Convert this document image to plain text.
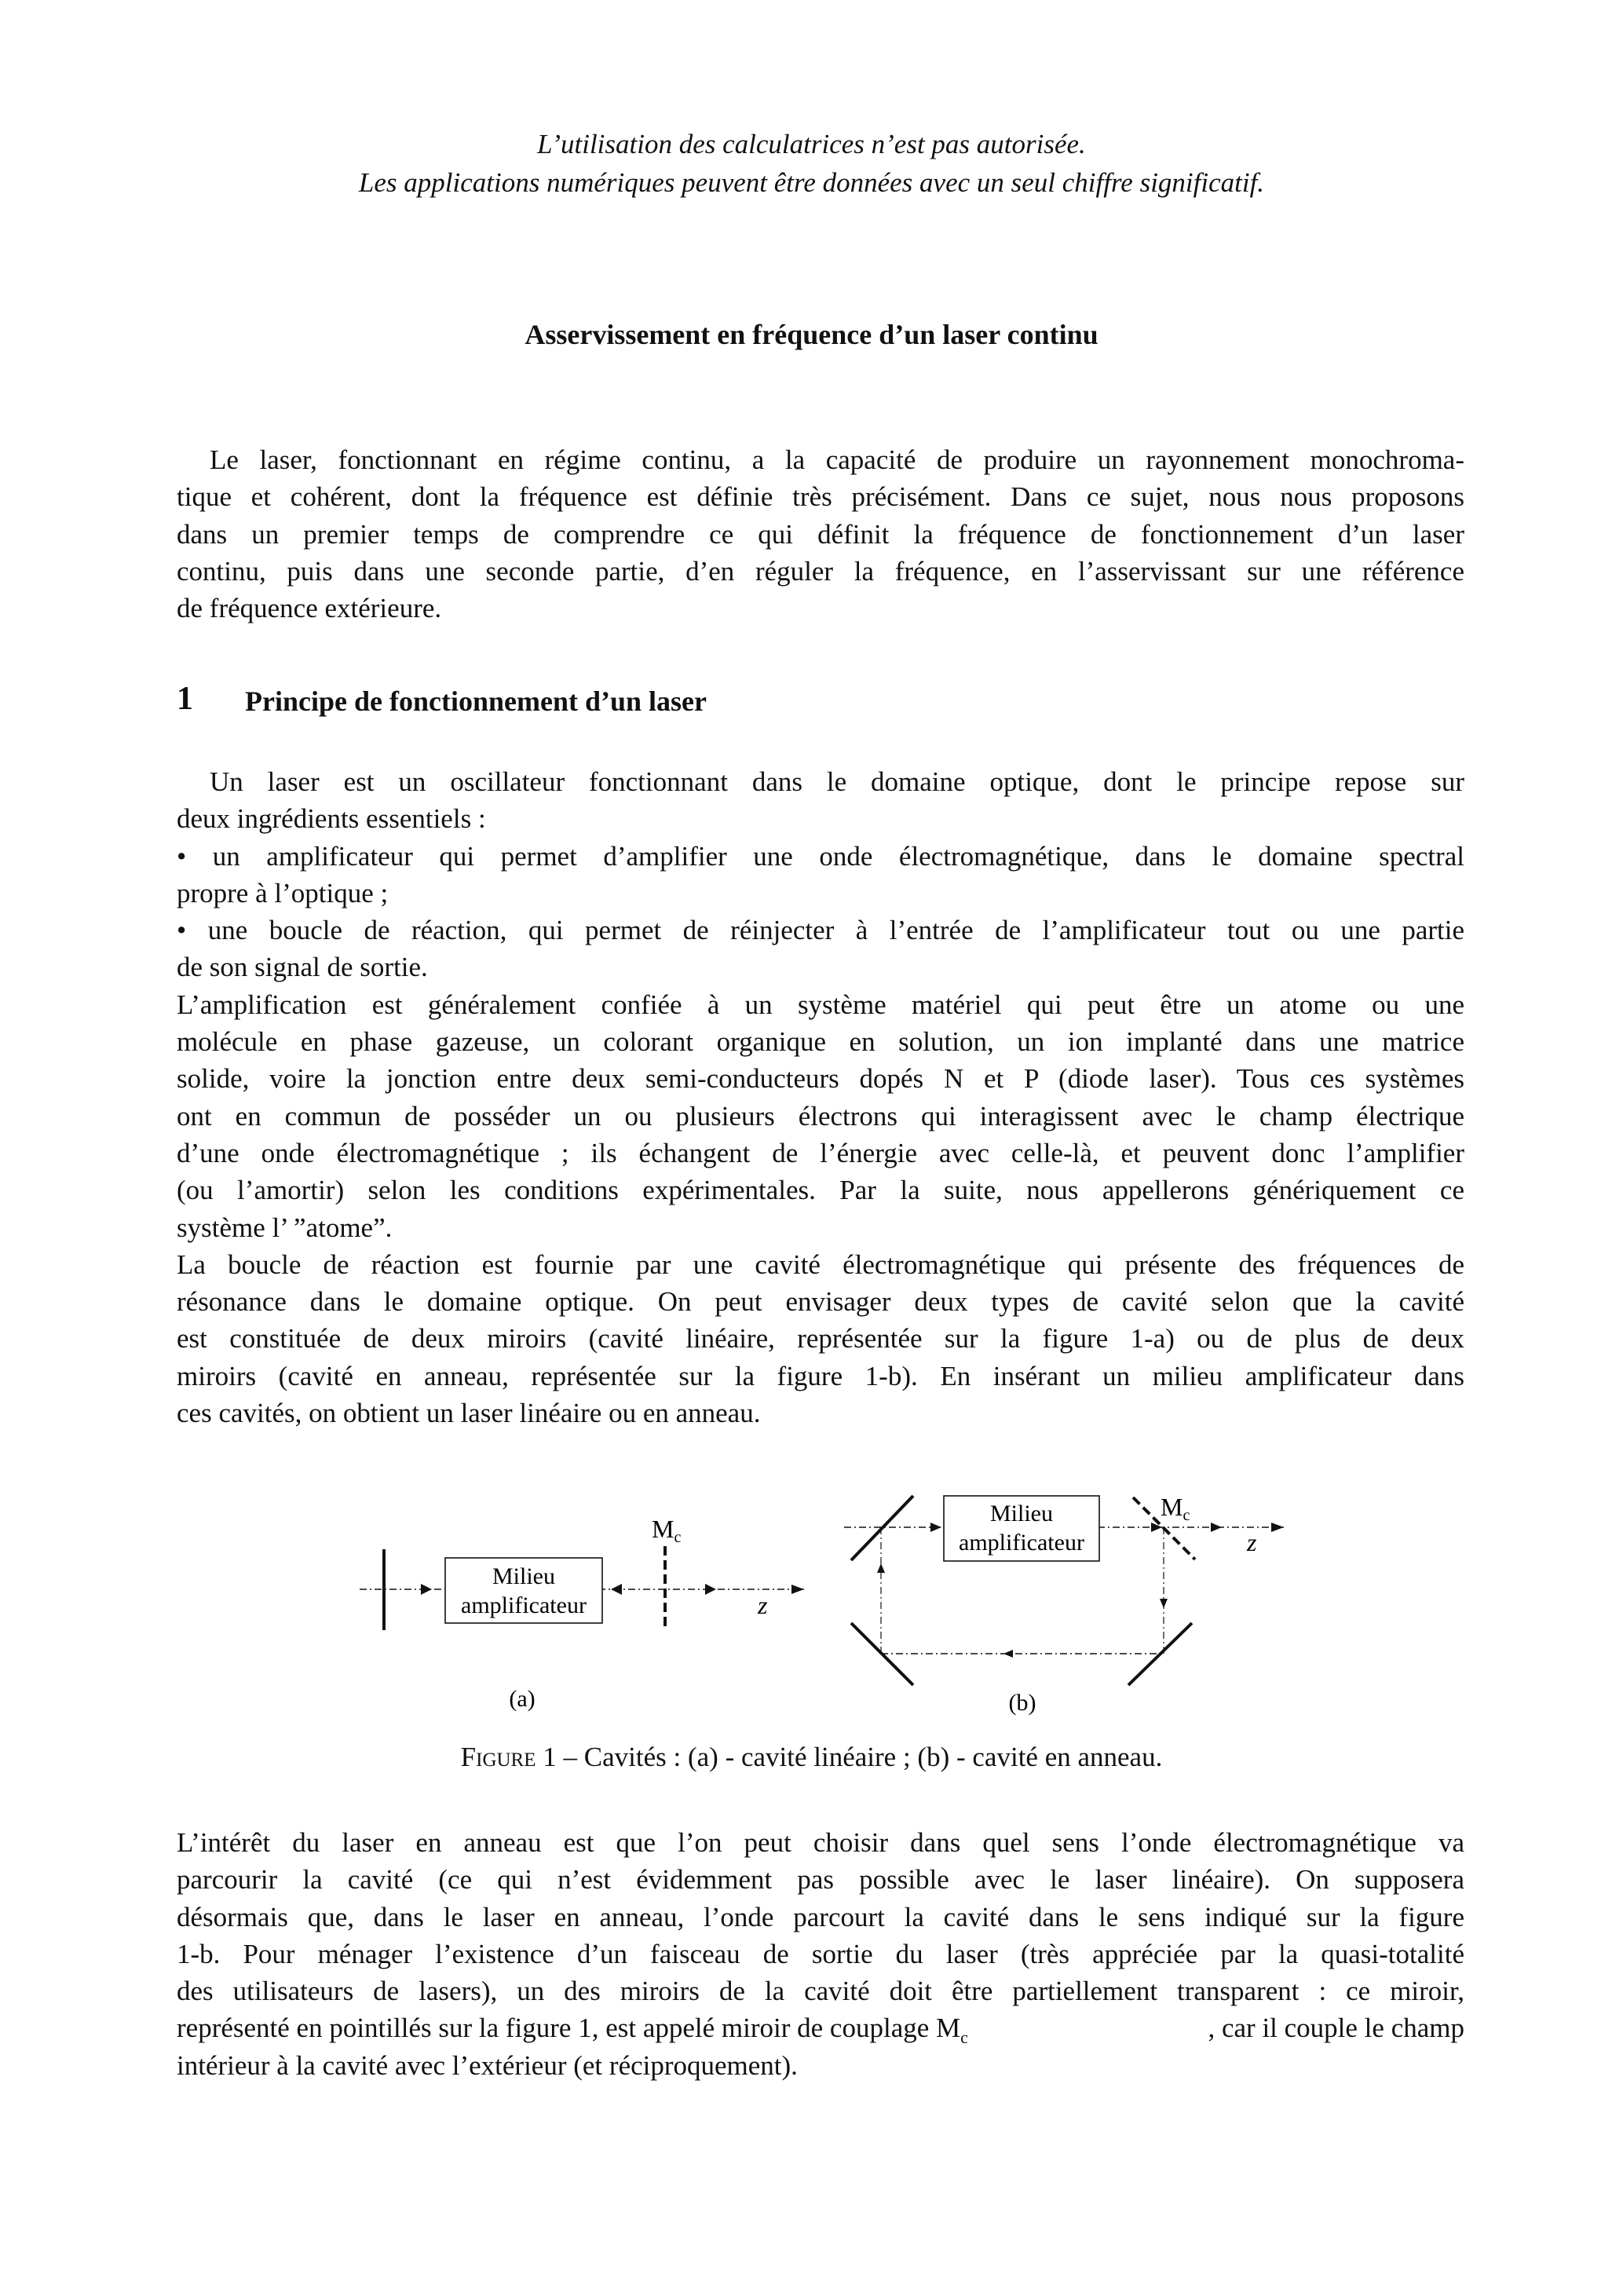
L’utilisation des calculatrices n’est pas autorisée.
Les applications numériques peuvent être données avec un seul chiffre significatif.
Asservissement en fréquence d’un laser continu
Le laser, fonctionnant en régime continu, a la capacité de produire un rayonnement monochroma-
tique et cohérent, dont la fréquence est définie très précisément. Dans ce sujet, nous nous proposons
dans un premier temps de comprendre ce qui définit la fréquence de fonctionnement d’un laser
continu, puis dans une seconde partie, d’en réguler la fréquence, en l’asservissant sur une référence
de fréquence extérieure.
1 Principe de fonctionnement d’un laser
Un laser est un oscillateur fonctionnant dans le domaine optique, dont le principe repose sur
deux ingrédients essentiels :
• un amplificateur qui permet d’amplifier une onde électromagnétique, dans le domaine spectral
propre à l’optique ;
• une boucle de réaction, qui permet de réinjecter à l’entrée de l’amplificateur tout ou une partie
de son signal de sortie.
L’amplification est généralement confiée à un système matériel qui peut être un atome ou une
molécule en phase gazeuse, un colorant organique en solution, un ion implanté dans une matrice
solide, voire la jonction entre deux semi-conducteurs dopés N et P (diode laser). Tous ces systèmes
ont en commun de posséder un ou plusieurs électrons qui interagissent avec le champ électrique
d’une onde électromagnétique ; ils échangent de l’énergie avec celle-là, et peuvent donc l’amplifier
(ou l’amortir) selon les conditions expérimentales. Par la suite, nous appellerons génériquement ce
système l’ ”atome”.
La boucle de réaction est fournie par une cavité électromagnétique qui présente des fréquences de
résonance dans le domaine optique. On peut envisager deux types de cavité selon que la cavité
est constituée de deux miroirs (cavité linéaire, représentée sur la figure 1-a) ou de plus de deux
miroirs (cavité en anneau, représentée sur la figure 1-b). En insérant un milieu amplificateur dans
ces cavités, on obtient un laser linéaire ou en anneau.
Milieu
amplificateur
Mc
z
(a)
Milieu
amplificateur
Mc
z
(b)
Figure 1 – Cavités : (a) - cavité linéaire ; (b) - cavité en anneau.
L’intérêt du laser en anneau est que l’on peut choisir dans quel sens l’onde électromagnétique va
parcourir la cavité (ce qui n’est évidemment pas possible avec le laser linéaire). On supposera
désormais que, dans le laser en anneau, l’onde parcourt la cavité dans le sens indiqué sur la figure
1-b. Pour ménager l’existence d’un faisceau de sortie du laser (très appréciée par la quasi-totalité
des utilisateurs de lasers), un des miroirs de la cavité doit être partiellement transparent : ce miroir,
représenté en pointillés sur la figure 1, est appelé miroir de couplage $M_c$	, car il couple le champ
intérieur à la cavité avec l’extérieur (et réciproquement).
